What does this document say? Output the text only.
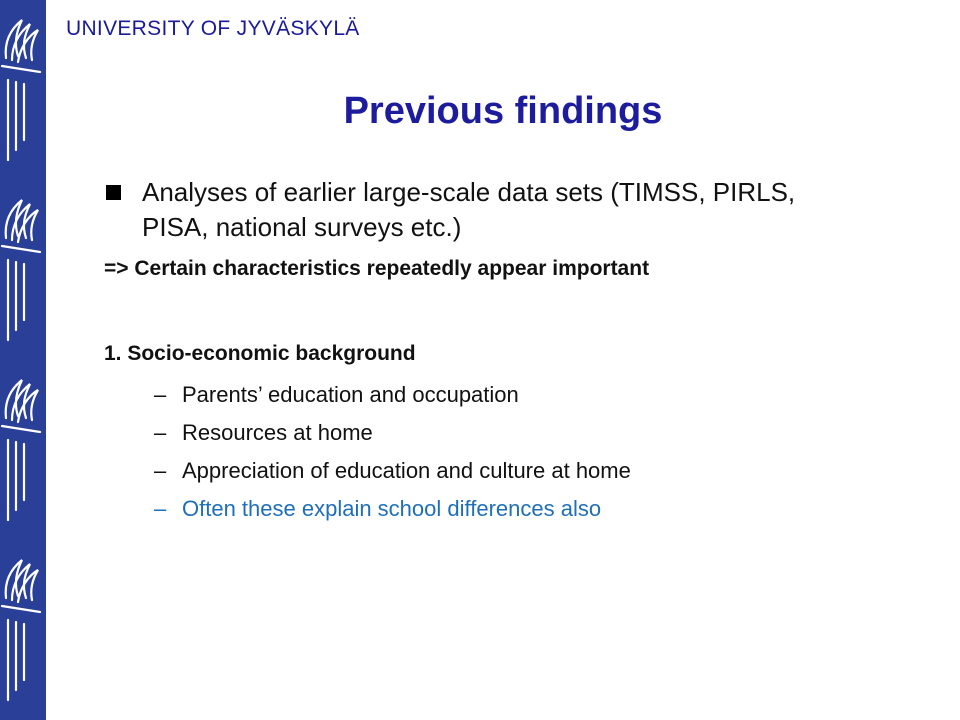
UNIVERSITY OF JYVÄSKYLÄ
Previous findings
Analyses of earlier large-scale data sets (TIMSS, PIRLS, PISA, national surveys etc.)
=> Certain characteristics repeatedly appear important
1. Socio-economic background
– Parents’ education and occupation
– Resources at home
– Appreciation of education and culture at home
– Often these explain school differences also
